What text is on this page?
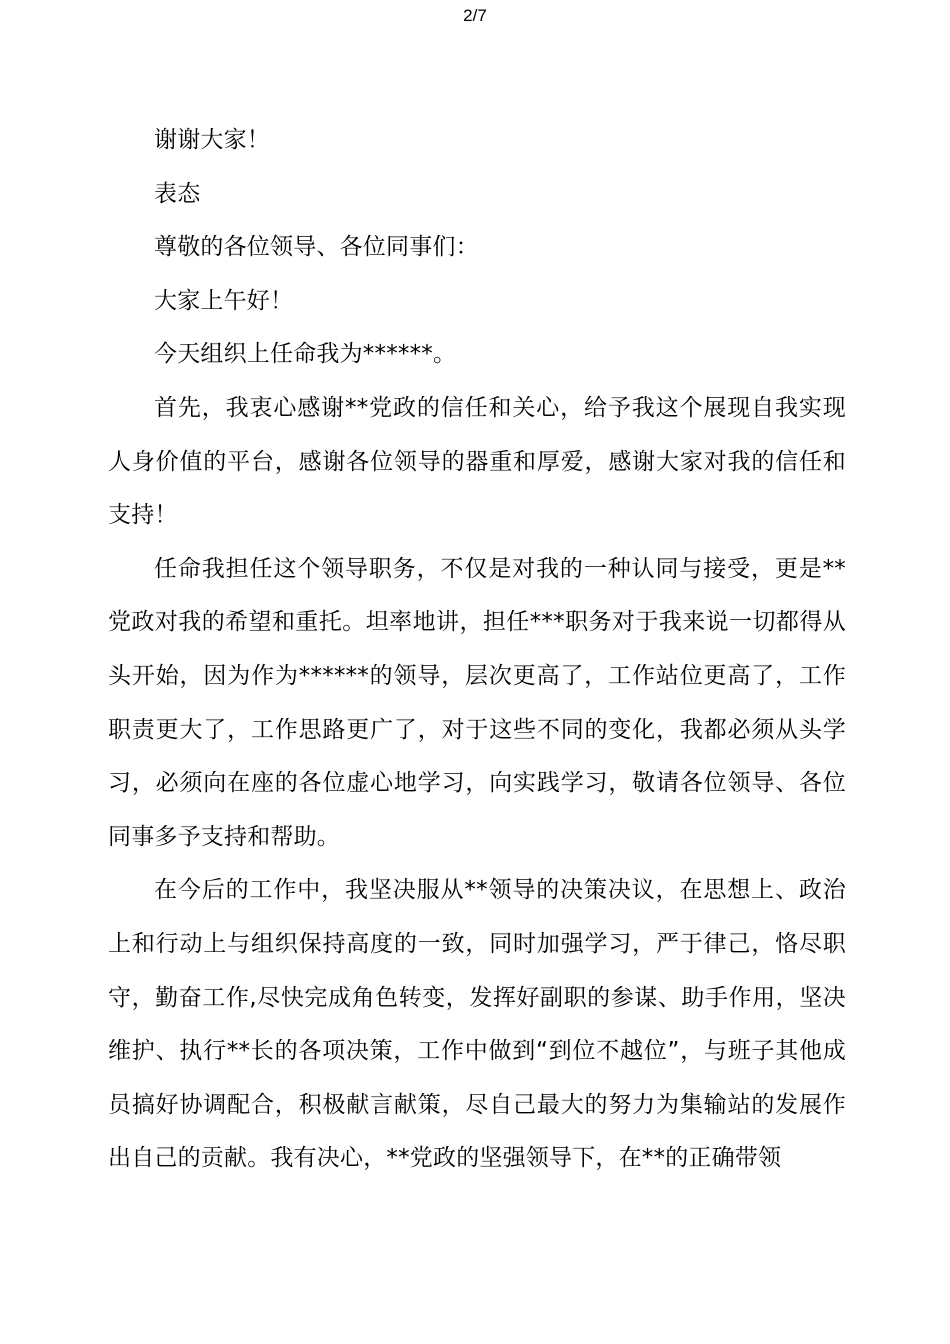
2/7

谢谢大家！

表态

尊敬的各位领导、各位同事们：

大家上午好！

今天组织上任命我为******。

首先，我衷心感谢**党政的信任和关心，给予我这个展现自我实现人身价值的平台，感谢各位领导的器重和厚爱，感谢大家对我的信任和支持！

任命我担任这个领导职务，不仅是对我的一种认同与接受，更是**党政对我的希望和重托。坦率地讲，担任***职务对于我来说一切都得从头开始，因为作为******的领导，层次更高了，工作站位更高了，工作职责更大了，工作思路更广了，对于这些不同的变化，我都必须从头学习，必须向在座的各位虚心地学习，向实践学习，敬请各位领导、各位同事多予支持和帮助。

在今后的工作中，我坚决服从**领导的决策决议，在思想上、政治上和行动上与组织保持高度的一致，同时加强学习，严于律己，恪尽职守，勤奋工作,尽快完成角色转变，发挥好副职的参谋、助手作用，坚决维护、执行**长的各项决策，工作中做到“到位不越位”，与班子其他成员搞好协调配合，积极献言献策，尽自己最大的努力为集输站的发展作出自己的贡献。我有决心，**党政的坚强领导下，在**的正确带领
